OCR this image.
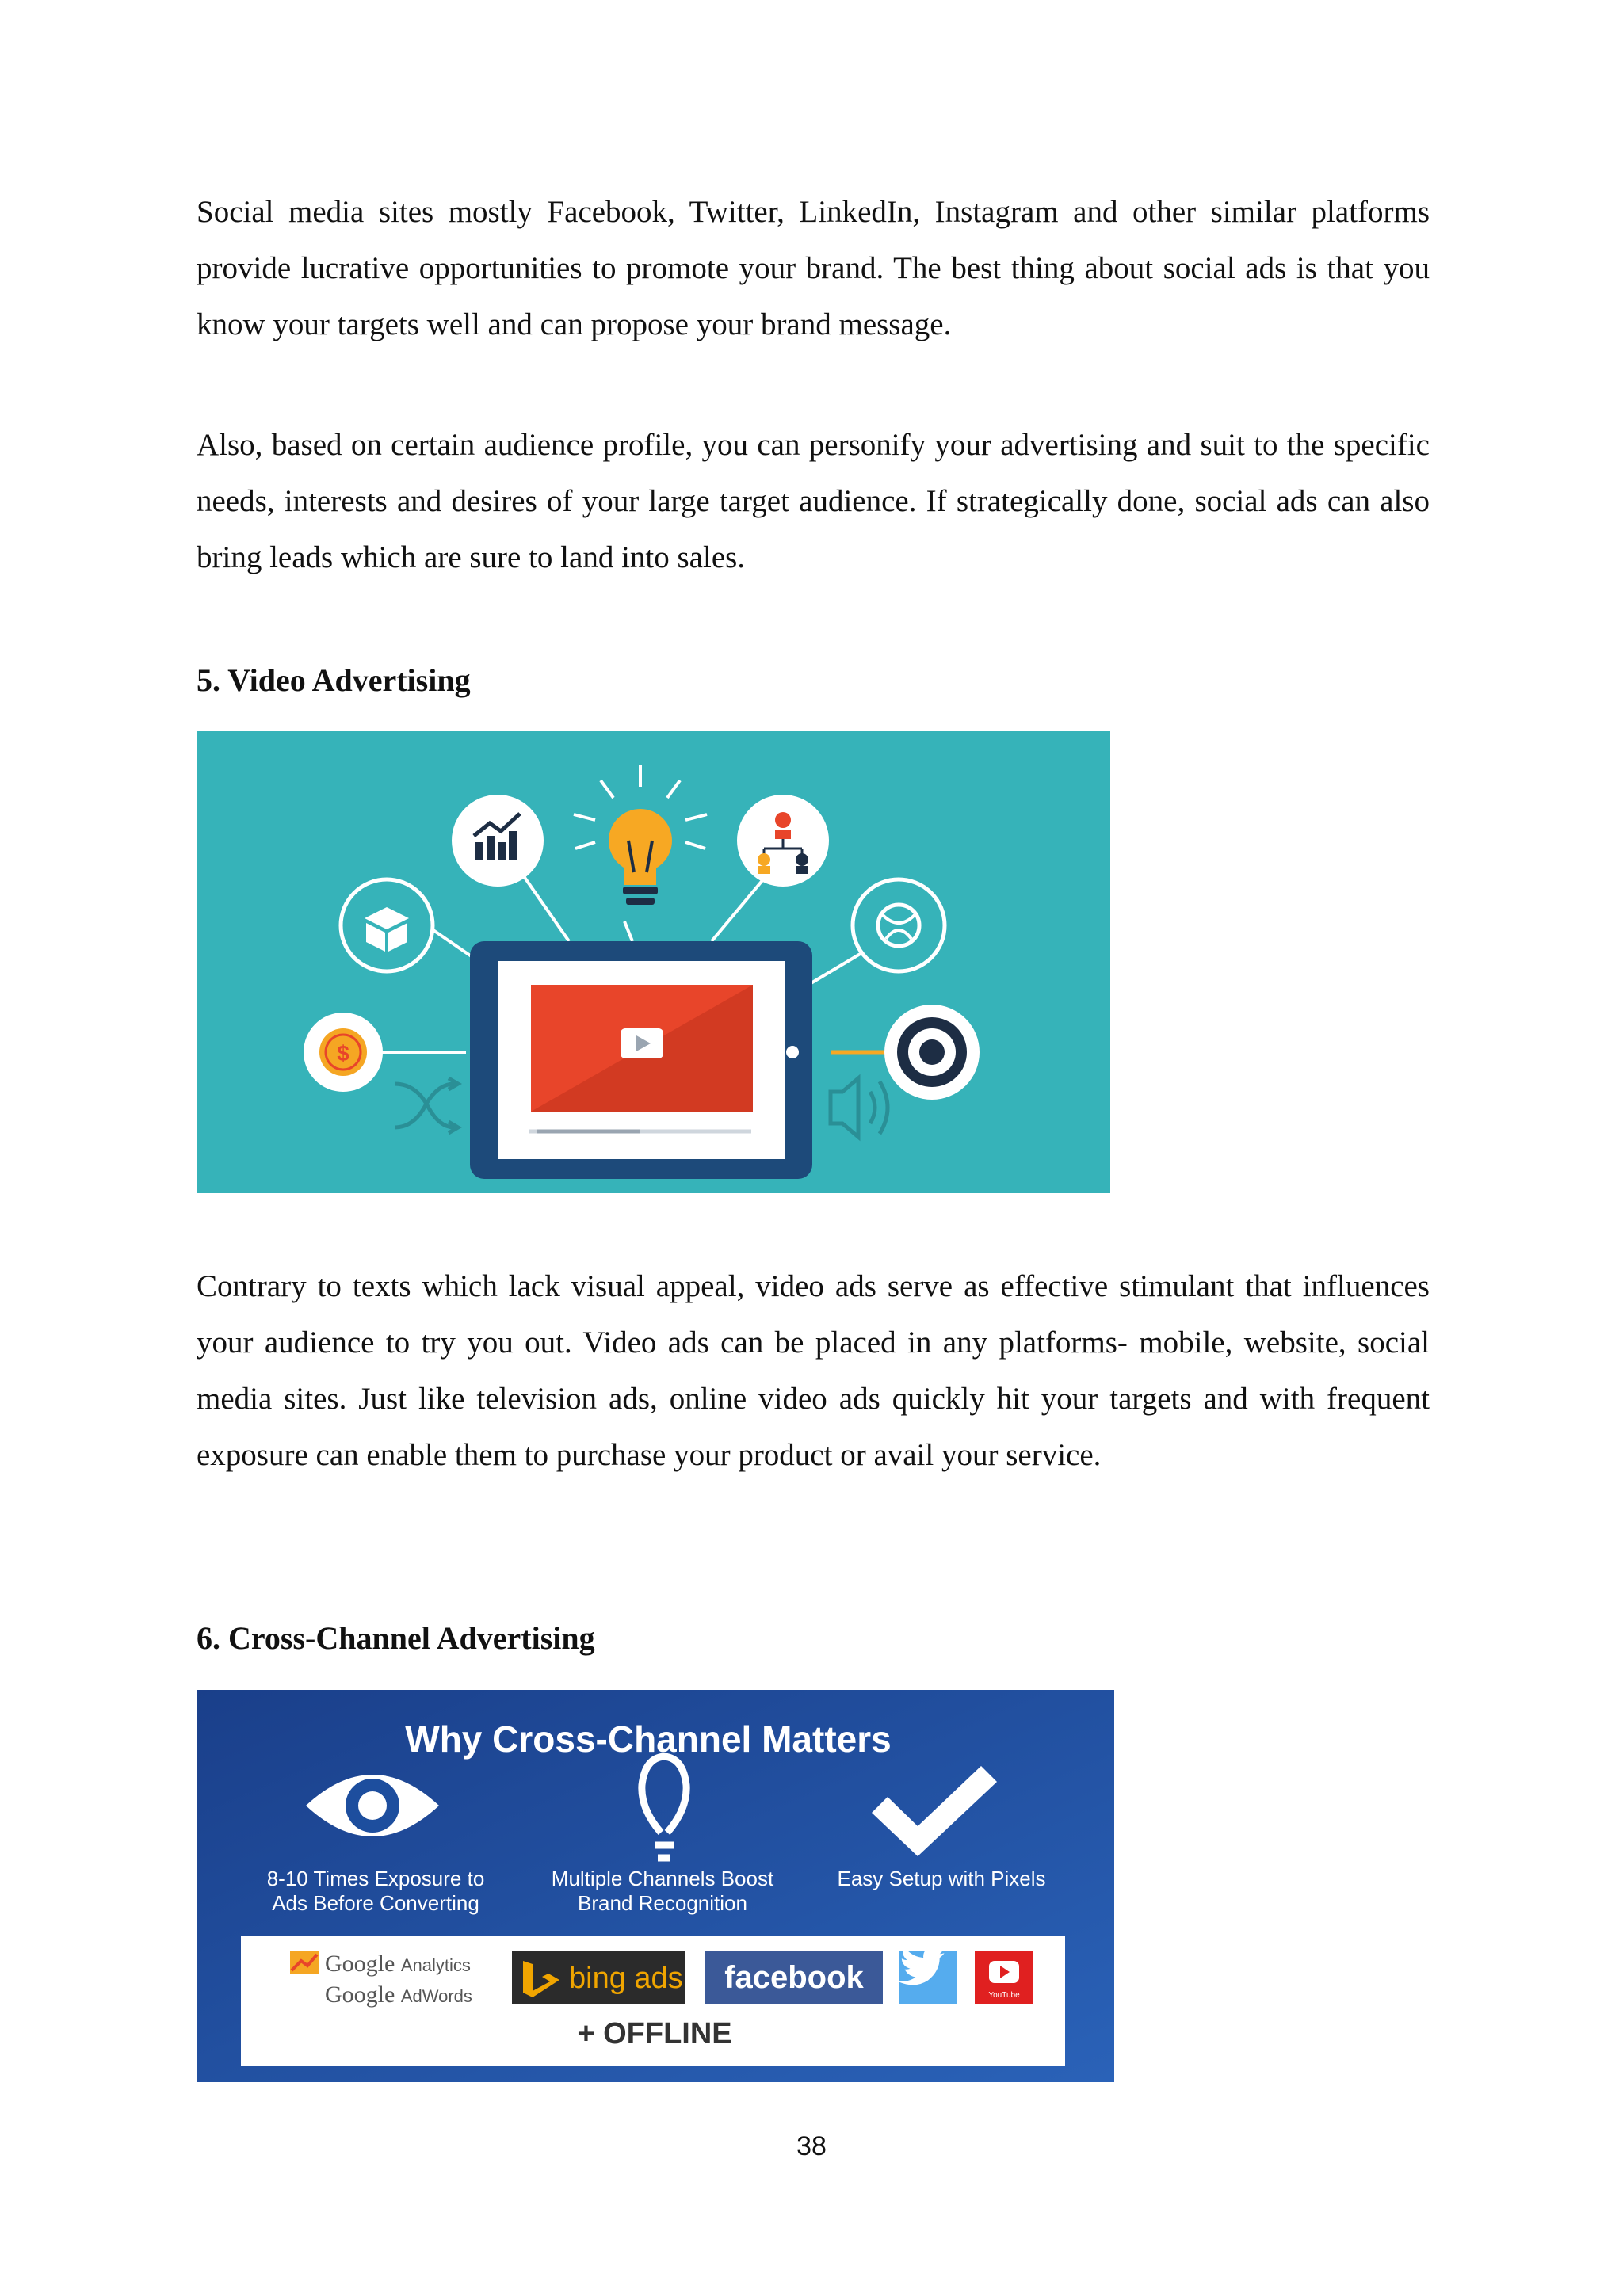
Social media sites mostly Facebook, Twitter, LinkedIn, Instagram and other similar platforms provide lucrative opportunities to promote your brand. The best thing about social ads is that you know your targets well and can propose your brand message.

Also, based on certain audience profile, you can personify your advertising and suit to the specific needs, interests and desires of your large target audience. If strategically done, social ads can also bring leads which are sure to land into sales.

5. Video Advertising
$

Contrary to texts which lack visual appeal, video ads serve as effective stimulant that influences your audience to try you out. Video ads can be placed in any platforms- mobile, website, social media sites. Just like television ads, online video ads quickly hit your targets and with frequent exposure can enable them to purchase your product or avail your service.

6. Cross-Channel Advertising
Why Cross-Channel Matters
8-10 Times Exposure to
Ads Before Converting
Multiple Channels Boost
Brand Recognition
Easy Setup with Pixels
Google Analytics
Google AdWords
bing ads facebook
YouTube
+ OFFLINE
38
